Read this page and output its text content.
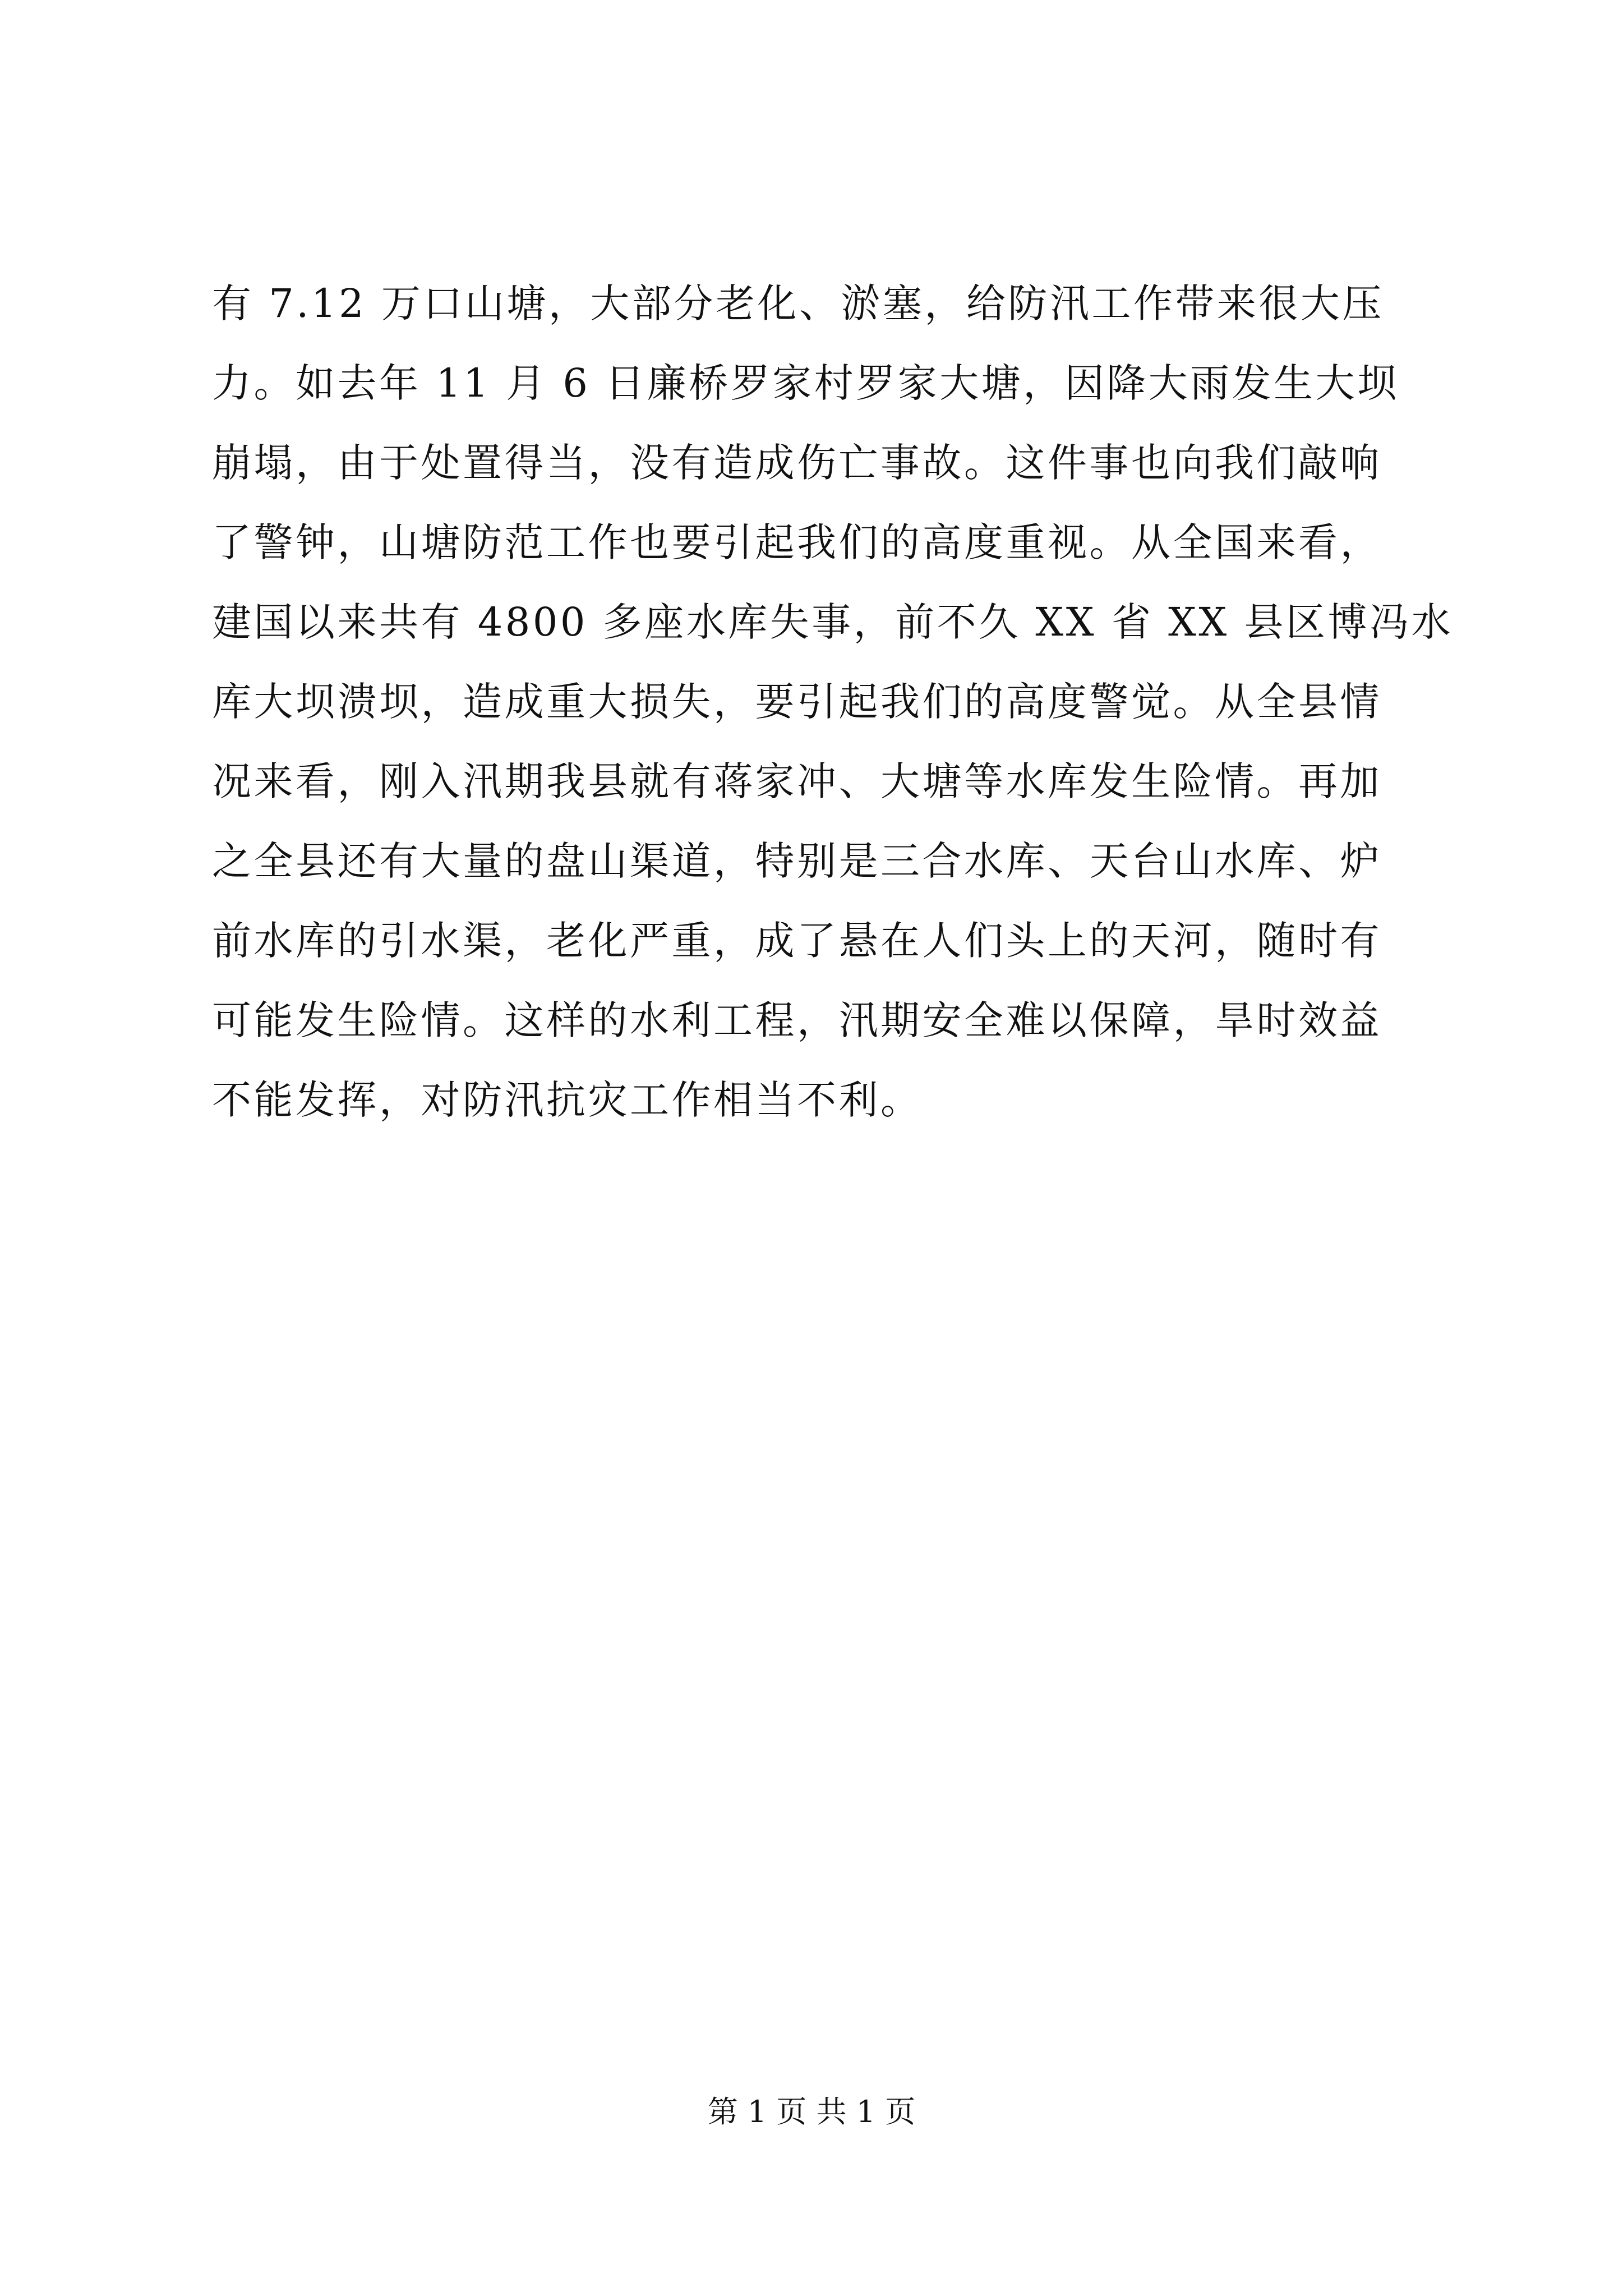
有 7.12 万口山塘，大部分老化、淤塞，给防汛工作带来很大压
力。如去年 11 月 6 日廉桥罗家村罗家大塘，因降大雨发生大坝
崩塌，由于处置得当，没有造成伤亡事故。这件事也向我们敲响
了警钟，山塘防范工作也要引起我们的高度重视。从全国来看，
建国以来共有 4800 多座水库失事，前不久 XX 省 XX 县区博冯水
库大坝溃坝，造成重大损失，要引起我们的高度警觉。从全县情
况来看，刚入汛期我县就有蒋家冲、大塘等水库发生险情。再加
之全县还有大量的盘山渠道，特别是三合水库、天台山水库、炉
前水库的引水渠，老化严重，成了悬在人们头上的天河，随时有
可能发生险情。这样的水利工程，汛期安全难以保障，旱时效益
不能发挥，对防汛抗灾工作相当不利。
第 1 页 共 1 页
